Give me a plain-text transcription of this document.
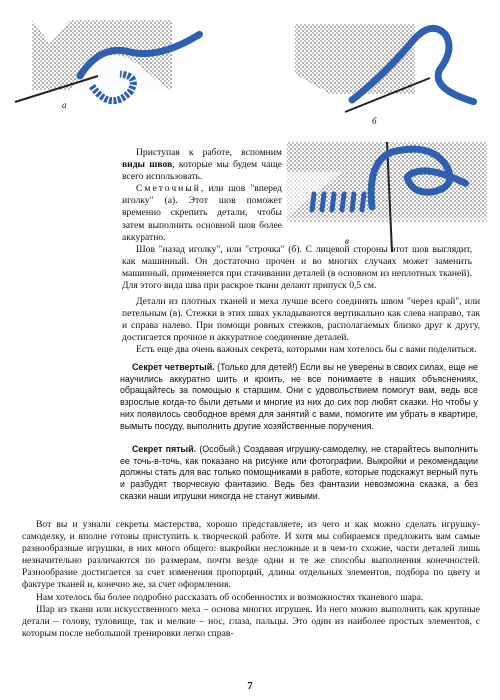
а
б
в

Приступая к работе, вспомним виды швов, которые мы будем чаще всего использовать.

Сметочный, или шов "вперед иголку" (а). Этот шов поможет временно скрепить детали, чтобы затем выполнить основной шов более аккуратно.

Шов "назад иголку", или "строчка" (б). С лицевой стороны этот шов выглядит, как машинный. Он достаточно прочен и во многих случаях может заменить машинный, применяется при стачивании деталей (в основном из неплотных тканей). Для этого вида шва при раскрое ткани делают припуск 0,5 см.

Детали из плотных тканей и меха лучше всего соединять швом "через край", или петельным (в). Стежки в этих швах укладываются вертикально как слева направо, так и справа налево. При помощи ровных стежков, располагаемых близко друг к другу, достигается прочное и аккуратное соединение деталей.

Есть еще два очень важных секрета, которыми нам хотелось бы с вами поделиться.

Секрет четвертый. (Только для детей!) Если вы не уверены в своих силах, еще не научились аккуратно шить и кроить, не все понимаете в наших объяснениях, обращайтесь за помощью к старшим. Они с удовольствием помогут вам, ведь все взрослые когда-то были детьми и многие из них до сих пор любят сказки. Но чтобы у них появилось свободное время для занятий с вами, помогите им убрать в квартире, вымыть посуду, выполнить другие хозяйственные поручения.

Секрет пятый. (Особый.) Создавая игрушку-самоделку, не старайтесь выполнить ее точь-в-точь, как показано на рисунке или фотографии. Выкройки и рекомендации должны стать для вас только помощниками в работе, которые подскажут верный путь и разбудят творческую фантазию. Ведь без фантазии невозможна сказка, а без сказки наши игрушки никогда не станут живыми.

Вот вы и узнали секреты мастерства, хорошо представляете, из чего и как можно сделать игрушку-самоделку, и вполне готовы приступить к творческой работе. И хотя мы собираемся предложить вам самые разнообразные игрушки, в них много общего: выкройки несложные и в чем-то схожие, части деталей лишь незначительно различаются по размерам, почти везде одни и те же способы выполнения конечностей. Разнообразие достигается за счет изменения пропорций, длины отдельных элементов, подбора по цвету и фактуре тканей и, конечно же, за счет оформления.

Нам хотелось бы более подробно рассказать об особенностях и возможностях тканевого шара.

Шар из ткани или искусственного меха – основа многих игрушек. Из него можно выполнить как крупные детали – голову, туловище, так и мелкие – нос, глаза, пальцы. Это один из наиболее простых элементов, с которым после небольшой тренировки легко справ-

7
